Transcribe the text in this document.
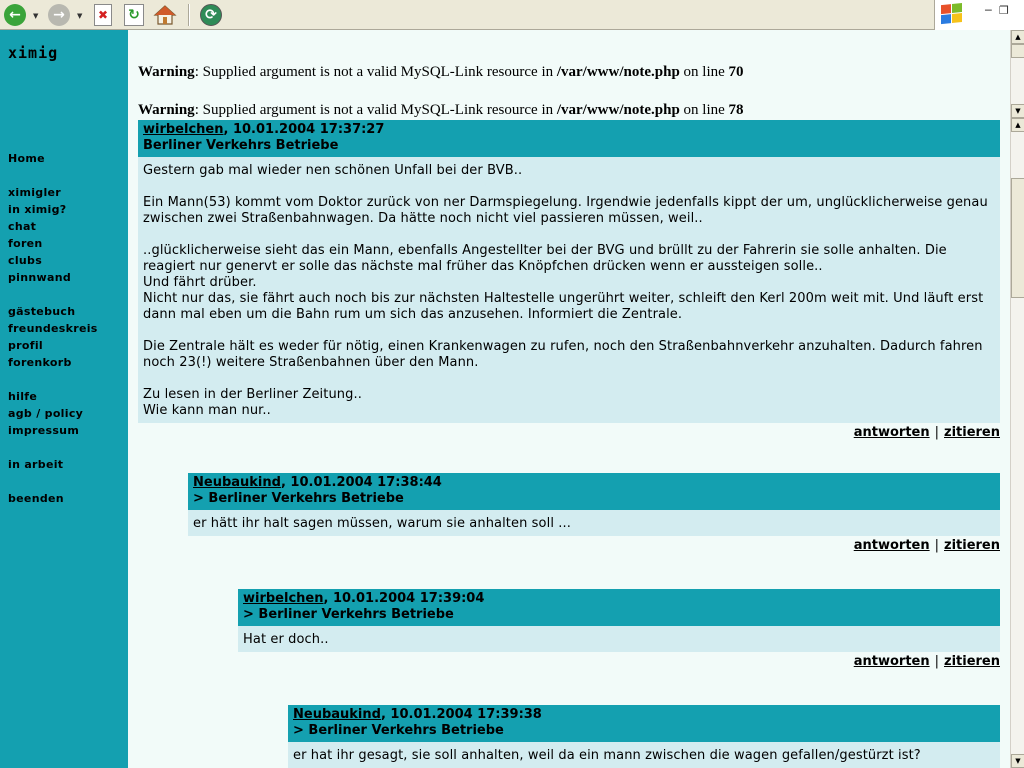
←	▼	→	▼	✖ ↻	⟳	─ ❐
ximig
Home
ximigler
in ximig?
chat
foren
clubs
pinnwand
gästebuch
freundeskreis
profil
forenkorb
hilfe
agb / policy
impressum
in arbeit
beenden
Warning: Supplied argument is not a valid MySQL-Link resource in /var/www/note.php on line 70
Warning: Supplied argument is not a valid MySQL-Link resource in /var/www/note.php on line 78
wirbelchen, 10.01.2004 17:37:27
Berliner Verkehrs Betriebe

Gestern gab mal wieder nen schönen Unfall bei der BVB..

Ein Mann(53) kommt vom Doktor zurück von ner Darmspiegelung. Irgendwie jedenfalls kippt der um, unglücklicherweise genau zwischen zwei Straßenbahnwagen. Da hätte noch nicht viel passieren müssen, weil..

..glücklicherweise sieht das ein Mann, ebenfalls Angestellter bei der BVG und brüllt zu der Fahrerin sie solle anhalten. Die reagiert nur genervt er solle das nächste mal früher das Knöpfchen drücken wenn er aussteigen solle..

Und fährt drüber.

Nicht nur das, sie fährt auch noch bis zur nächsten Haltestelle ungerührt weiter, schleift den Kerl 200m weit mit. Und läuft erst dann mal eben um die Bahn rum um sich das anzusehen. Informiert die Zentrale.

Die Zentrale hält es weder für nötig, einen Krankenwagen zu rufen, noch den Straßenbahnverkehr anzuhalten. Dadurch fahren noch 23(!) weitere Straßenbahnen über den Mann.

Zu lesen in der Berliner Zeitung..

Wie kann man nur..

antworten | zitieren
Neubaukind, 10.01.2004 17:38:44
> Berliner Verkehrs Betriebe

er hätt ihr halt sagen müssen, warum sie anhalten soll ...

antworten | zitieren
wirbelchen, 10.01.2004 17:39:04
> Berliner Verkehrs Betriebe

Hat er doch..

antworten | zitieren
Neubaukind, 10.01.2004 17:39:38
> Berliner Verkehrs Betriebe

er hat ihr gesagt, sie soll anhalten, weil da ein mann zwischen die wagen gefallen/gestürzt ist?

▲
▼
▲
▼
